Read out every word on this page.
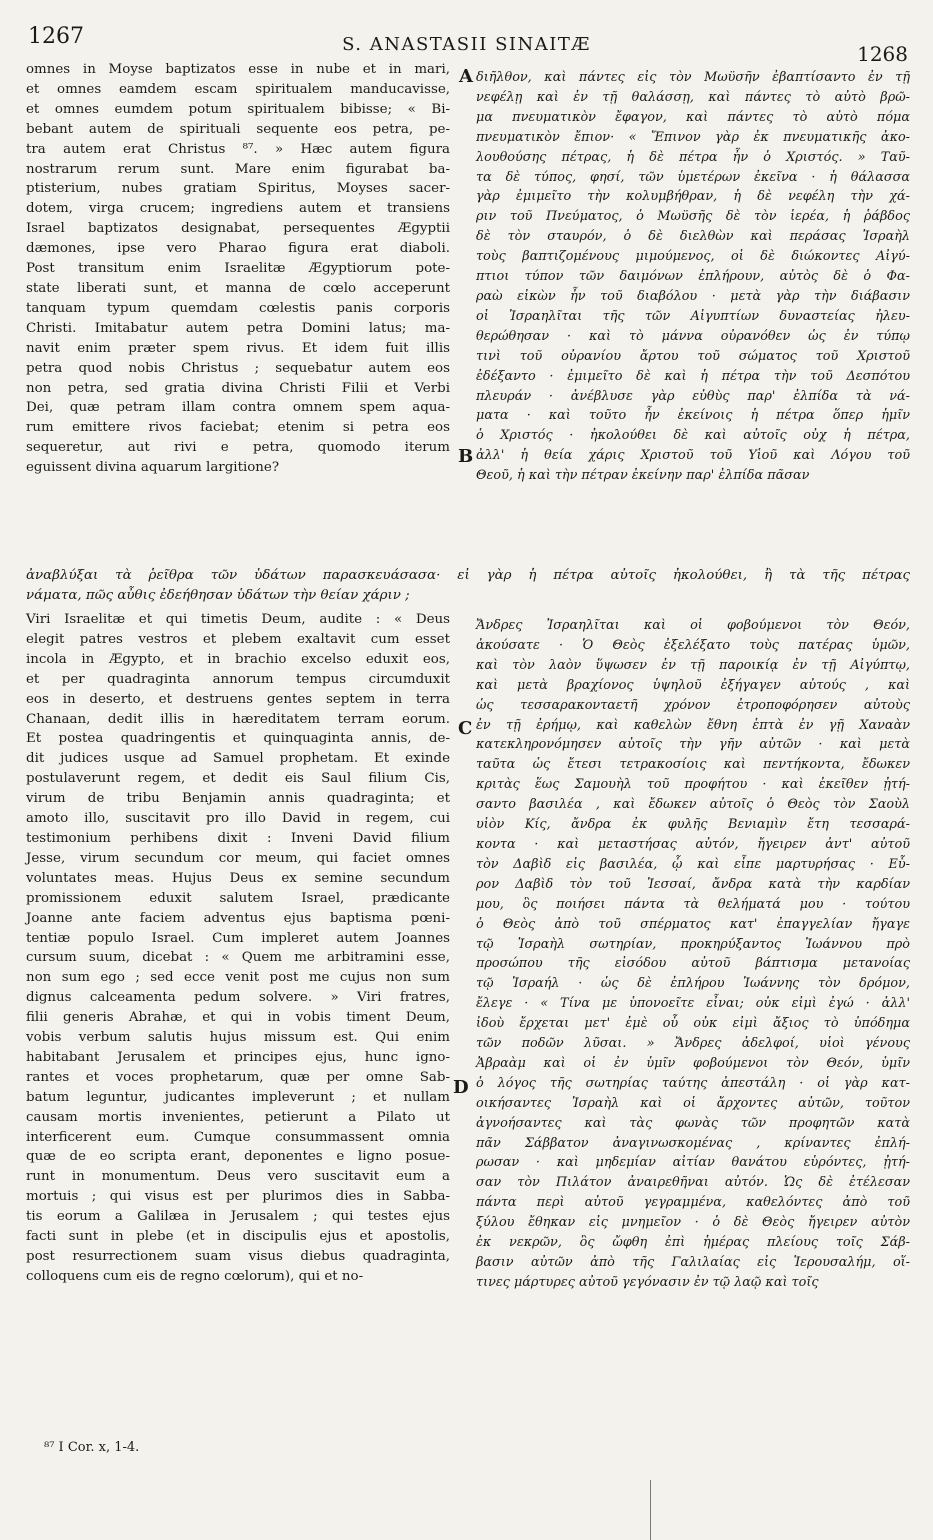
1267	S. ANASTASII SINAITÆ	1268
A
B
C
D
omnes in Moyse baptizatos esse in nube et in mari,
et omnes eamdem escam spiritualem manducavisse,
et omnes eumdem potum spiritualem bibisse; « Bi-
bebant autem de spirituali sequente eos petra, pe-
tra autem erat Christus ⁸⁷. » Hæc autem figura
nostrarum rerum sunt. Mare enim figurabat ba-
ptisterium, nubes gratiam Spiritus, Moyses sacer-
dotem, virga crucem; ingrediens autem et transiens
Israel baptizatos designabat, persequentes Ægyptii
dæmones, ipse vero Pharao figura erat diaboli.
Post transitum enim Israelitæ Ægyptiorum pote-
state liberati sunt, et manna de cœlo acceperunt
tanquam typum quemdam cœlestis panis corporis
Christi. Imitabatur autem petra Domini latus; ma-
navit enim præter spem rivus. Et idem fuit illis
petra quod nobis Christus ; sequebatur autem eos
non petra, sed gratia divina Christi Filii et Verbi
Dei, quæ petram illam contra omnem spem aqua-
rum emittere rivos faciebat; etenim si petra eos
sequeretur, aut rivi e petra, quomodo iterum
eguissent divina aquarum largitione?
διῆλθον, καὶ πάντες εἰς τὸν Μωϋσῆν ἐβαπτίσαντο ἐν τῇ
νεφέλῃ καὶ ἐν τῇ θαλάσσῃ, καὶ πάντες τὸ αὐτὸ βρῶ-
μα πνευματικὸν ἔφαγον, καὶ πάντες τὸ αὐτὸ πόμα
πνευματικὸν ἔπιον· « Ἔπινον γὰρ ἐκ πνευματικῆς ἀκο-
λουθούσης πέτρας, ἡ δὲ πέτρα ἦν ὁ Χριστός. » Ταῦ-
τα δὲ τύπος, φησί, τῶν ὑμετέρων ἐκεῖνα · ἡ θάλασσα
γὰρ ἐμιμεῖτο τὴν κολυμβήθραν, ἡ δὲ νεφέλη τὴν χά-
ριν τοῦ Πνεύματος, ὁ Μωϋσῆς δὲ τὸν ἱερέα, ἡ ῥάβδος
δὲ τὸν σταυρόν, ὁ δὲ διελθὼν καὶ περάσας Ἰσραὴλ
τοὺς βαπτιζομένους μιμούμενος, οἱ δὲ διώκοντες Αἰγύ-
πτιοι τύπον τῶν δαιμόνων ἐπλήρουν, αὐτὸς δὲ ὁ Φα-
ραὼ εἰκὼν ἦν τοῦ διαβόλου · μετὰ γὰρ τὴν διάβασιν
οἱ Ἰσραηλῖται τῆς τῶν Αἰγυπτίων δυναστείας ἠλευ-
θερώθησαν · καὶ τὸ μάννα οὐρανόθεν ὡς ἐν τύπῳ
τινὶ τοῦ οὐρανίου ἄρτου τοῦ σώματος τοῦ Χριστοῦ
ἐδέξαντο · ἐμιμεῖτο δὲ καὶ ἡ πέτρα τὴν τοῦ Δεσπότου
πλευράν · ἀνέβλυσε γὰρ εὐθὺς παρ' ἐλπίδα τὰ νά-
ματα · καὶ τοῦτο ἦν ἐκείνοις ἡ πέτρα ὅπερ ἡμῖν
ὁ Χριστός · ἠκολούθει δὲ καὶ αὐτοῖς οὐχ ἡ πέτρα,
ἀλλ' ἡ θεία χάρις Χριστοῦ τοῦ Υἱοῦ καὶ Λόγου τοῦ
Θεοῦ, ἡ καὶ τὴν πέτραν ἐκείνην παρ' ἐλπίδα πᾶσαν
ἀναβλύξαι τὰ ῥεῖθρα τῶν ὑδάτων παρασκευάσασα· εἰ γὰρ ἡ πέτρα αὐτοῖς ἠκολούθει, ἢ τὰ τῆς πέτρας
νάματα, πῶς αὖθις ἐδεήθησαν ὑδάτων τὴν θείαν χάριν ;
Viri Israelitæ et qui timetis Deum, audite : « Deus
elegit patres vestros et plebem exaltavit cum esset
incola in Ægypto, et in brachio excelso eduxit eos,
et per quadraginta annorum tempus circumduxit
eos in deserto, et destruens gentes septem in terra
Chanaan, dedit illis in hæreditatem terram eorum.
Et postea quadringentis et quinquaginta annis, de-
dit judices usque ad Samuel prophetam. Et exinde
postulaverunt regem, et dedit eis Saul filium Cis,
virum de tribu Benjamin annis quadraginta; et
amoto illo, suscitavit pro illo David in regem, cui
testimonium perhibens dixit : Inveni David filium
Jesse, virum secundum cor meum, qui faciet omnes
voluntates meas. Hujus Deus ex semine secundum
promissionem eduxit salutem Israel, prædicante
Joanne ante faciem adventus ejus baptisma pœni-
tentiæ populo Israel. Cum impleret autem Joannes
cursum suum, dicebat : « Quem me arbitramini esse,
non sum ego ; sed ecce venit post me cujus non sum
dignus calceamenta pedum solvere. » Viri fratres,
filii generis Abrahæ, et qui in vobis timent Deum,
vobis verbum salutis hujus missum est. Qui enim
habitabant Jerusalem et principes ejus, hunc igno-
rantes et voces prophetarum, quæ per omne Sab-
batum leguntur, judicantes impleverunt ; et nullam
causam mortis invenientes, petierunt a Pilato ut
interficerent eum. Cumque consummassent omnia
quæ de eo scripta erant, deponentes e ligno posue-
runt in monumentum. Deus vero suscitavit eum a
mortuis ; qui visus est per plurimos dies in Sabba-
tis eorum a Galilæa in Jerusalem ; qui testes ejus
facti sunt in plebe (et in discipulis ejus et apostolis,
post resurrectionem suam visus diebus quadraginta,
colloquens cum eis de regno cœlorum), qui et no-
Ἄνδρες Ἰσραηλῖται καὶ οἱ φοβούμενοι τὸν Θεόν,
ἀκούσατε · Ὁ Θεὸς ἐξελέξατο τοὺς πατέρας ὑμῶν,
καὶ τὸν λαὸν ὕψωσεν ἐν τῇ παροικίᾳ ἐν τῇ Αἰγύπτῳ,
καὶ μετὰ βραχίονος ὑψηλοῦ ἐξήγαγεν αὐτούς , καὶ
ὡς τεσσαρακονταετῆ χρόνον ἐτροποφόρησεν αὐτοὺς
ἐν τῇ ἐρήμῳ, καὶ καθελὼν ἔθνη ἑπτὰ ἐν γῇ Χαναὰν
κατεκληρονόμησεν αὐτοῖς τὴν γῆν αὐτῶν · καὶ μετὰ
ταῦτα ὡς ἔτεσι τετρακοσίοις καὶ πεντήκοντα, ἔδωκεν
κριτὰς ἕως Σαμουὴλ τοῦ προφήτου · καὶ ἐκεῖθεν ᾐτή-
σαντο βασιλέα , καὶ ἔδωκεν αὐτοῖς ὁ Θεὸς τὸν Σαοὺλ
υἱὸν Κίς, ἄνδρα ἐκ φυλῆς Βενιαμὶν ἔτη τεσσαρά-
κοντα · καὶ μεταστήσας αὐτόν, ἤγειρεν ἀντ' αὐτοῦ
τὸν Δαβὶδ εἰς βασιλέα, ᾧ καὶ εἶπε μαρτυρήσας · Εὗ-
ρον Δαβὶδ τὸν τοῦ Ἰεσσαί, ἄνδρα κατὰ τὴν καρδίαν
μου, ὃς ποιήσει πάντα τὰ θελήματά μου · τούτου
ὁ Θεὸς ἀπὸ τοῦ σπέρματος κατ' ἐπαγγελίαν ἤγαγε
τῷ Ἰσραὴλ σωτηρίαν, προκηρύξαντος Ἰωάννου πρὸ
προσώπου τῆς εἰσόδου αὐτοῦ βάπτισμα μετανοίας
τῷ Ἰσραήλ · ὡς δὲ ἐπλήρου Ἰωάννης τὸν δρόμον,
ἔλεγε · « Τίνα με ὑπονοεῖτε εἶναι; οὐκ εἰμὶ ἐγώ · ἀλλ'
ἰδοὺ ἔρχεται μετ' ἐμὲ οὗ οὐκ εἰμὶ ἄξιος τὸ ὑπόδημα
τῶν ποδῶν λῦσαι. » Ἄνδρες ἀδελφοί, υἱοὶ γένους
Ἀβραὰμ καὶ οἱ ἐν ὑμῖν φοβούμενοι τὸν Θεόν, ὑμῖν
ὁ λόγος τῆς σωτηρίας ταύτης ἀπεστάλη · οἱ γὰρ κατ-
οικήσαντες Ἰσραὴλ καὶ οἱ ἄρχοντες αὐτῶν, τοῦτον
ἀγνοήσαντες καὶ τὰς φωνὰς τῶν προφητῶν κατὰ
πᾶν Σάββατον ἀναγινωσκομένας , κρίναντες ἐπλή-
ρωσαν · καὶ μηδεμίαν αἰτίαν θανάτου εὑρόντες, ᾐτή-
σαν τὸν Πιλάτον ἀναιρεθῆναι αὐτόν. Ὡς δὲ ἐτέλεσαν
πάντα περὶ αὐτοῦ γεγραμμένα, καθελόντες ἀπὸ τοῦ
ξύλου ἔθηκαν εἰς μνημεῖον · ὁ δὲ Θεὸς ἤγειρεν αὐτὸν
ἐκ νεκρῶν, ὃς ὤφθη ἐπὶ ἡμέρας πλείους τοῖς Σάβ-
βασιν αὐτῶν ἀπὸ τῆς Γαλιλαίας εἰς Ἱερουσαλήμ, οἵ-
τινες μάρτυρες αὐτοῦ γεγόνασιν ἐν τῷ λαῷ καὶ τοῖς
⁸⁷ I Cor. x, 1-4.
